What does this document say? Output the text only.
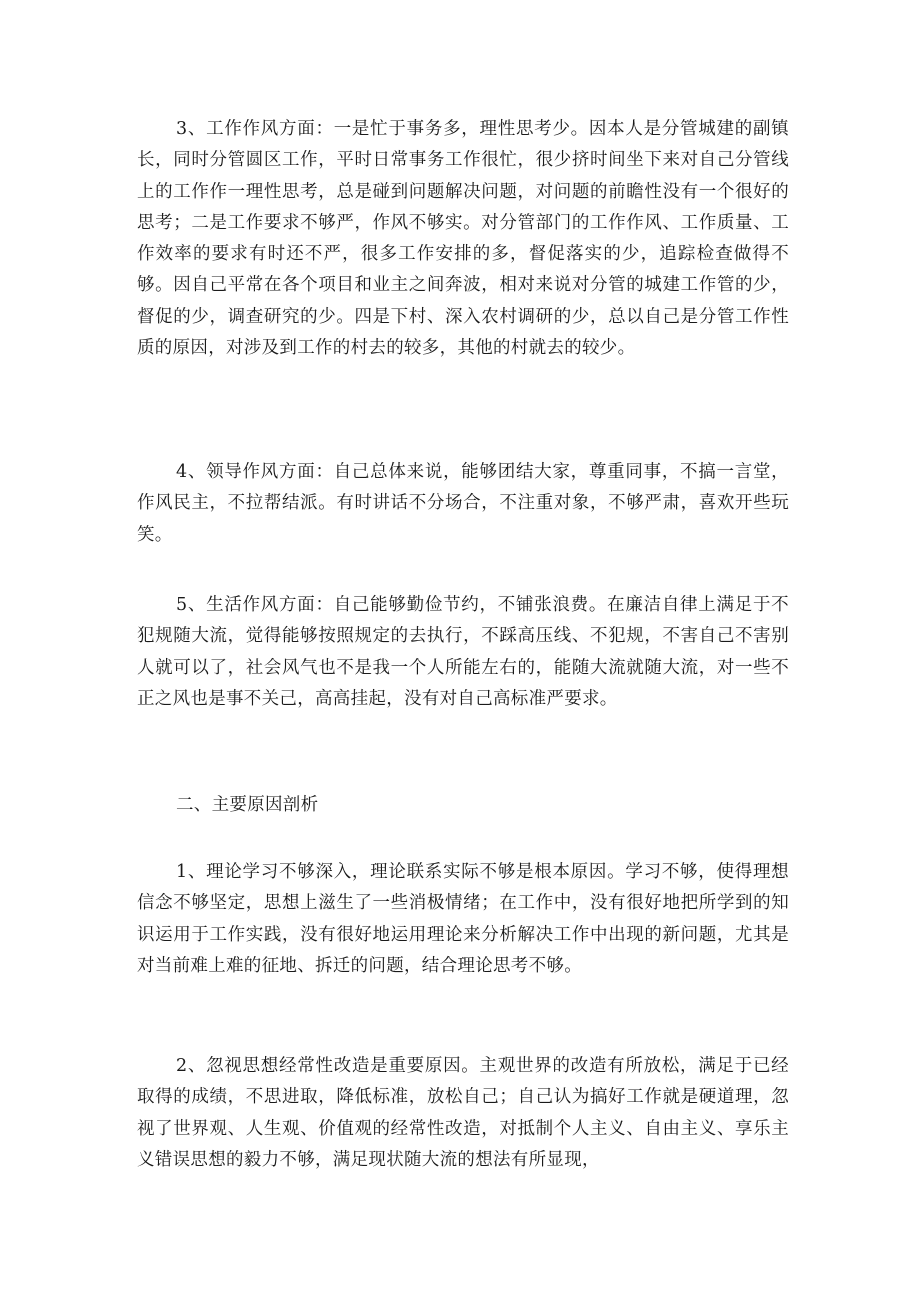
3、工作作风方面：一是忙于事务多，理性思考少。因本人是分管城建的副镇长，同时分管圆区工作，平时日常事务工作很忙，很少挤时间坐下来对自己分管线上的工作作一理性思考，总是碰到问题解决问题，对问题的前瞻性没有一个很好的思考；二是工作要求不够严，作风不够实。对分管部门的工作作风、工作质量、工作效率的要求有时还不严，很多工作安排的多，督促落实的少，追踪检查做得不够。因自己平常在各个项目和业主之间奔波，相对来说对分管的城建工作管的少，督促的少，调查研究的少。四是下村、深入农村调研的少，总以自己是分管工作性质的原因，对涉及到工作的村去的较多，其他的村就去的较少。

4、领导作风方面：自己总体来说，能够团结大家，尊重同事，不搞一言堂，作风民主，不拉帮结派。有时讲话不分场合，不注重对象，不够严肃，喜欢开些玩笑。

5、生活作风方面：自己能够勤俭节约，不铺张浪费。在廉洁自律上满足于不犯规随大流，觉得能够按照规定的去执行，不踩高压线、不犯规，不害自己不害别人就可以了，社会风气也不是我一个人所能左右的，能随大流就随大流，对一些不正之风也是事不关己，高高挂起，没有对自己高标准严要求。

二、主要原因剖析

1、理论学习不够深入，理论联系实际不够是根本原因。学习不够，使得理想信念不够坚定，思想上滋生了一些消极情绪；在工作中，没有很好地把所学到的知识运用于工作实践，没有很好地运用理论来分析解决工作中出现的新问题，尤其是对当前难上难的征地、拆迁的问题，结合理论思考不够。

2、忽视思想经常性改造是重要原因。主观世界的改造有所放松，满足于已经取得的成绩，不思进取，降低标准，放松自己；自己认为搞好工作就是硬道理，忽视了世界观、人生观、价值观的经常性改造，对抵制个人主义、自由主义、享乐主义错误思想的毅力不够，满足现状随大流的想法有所显现，
